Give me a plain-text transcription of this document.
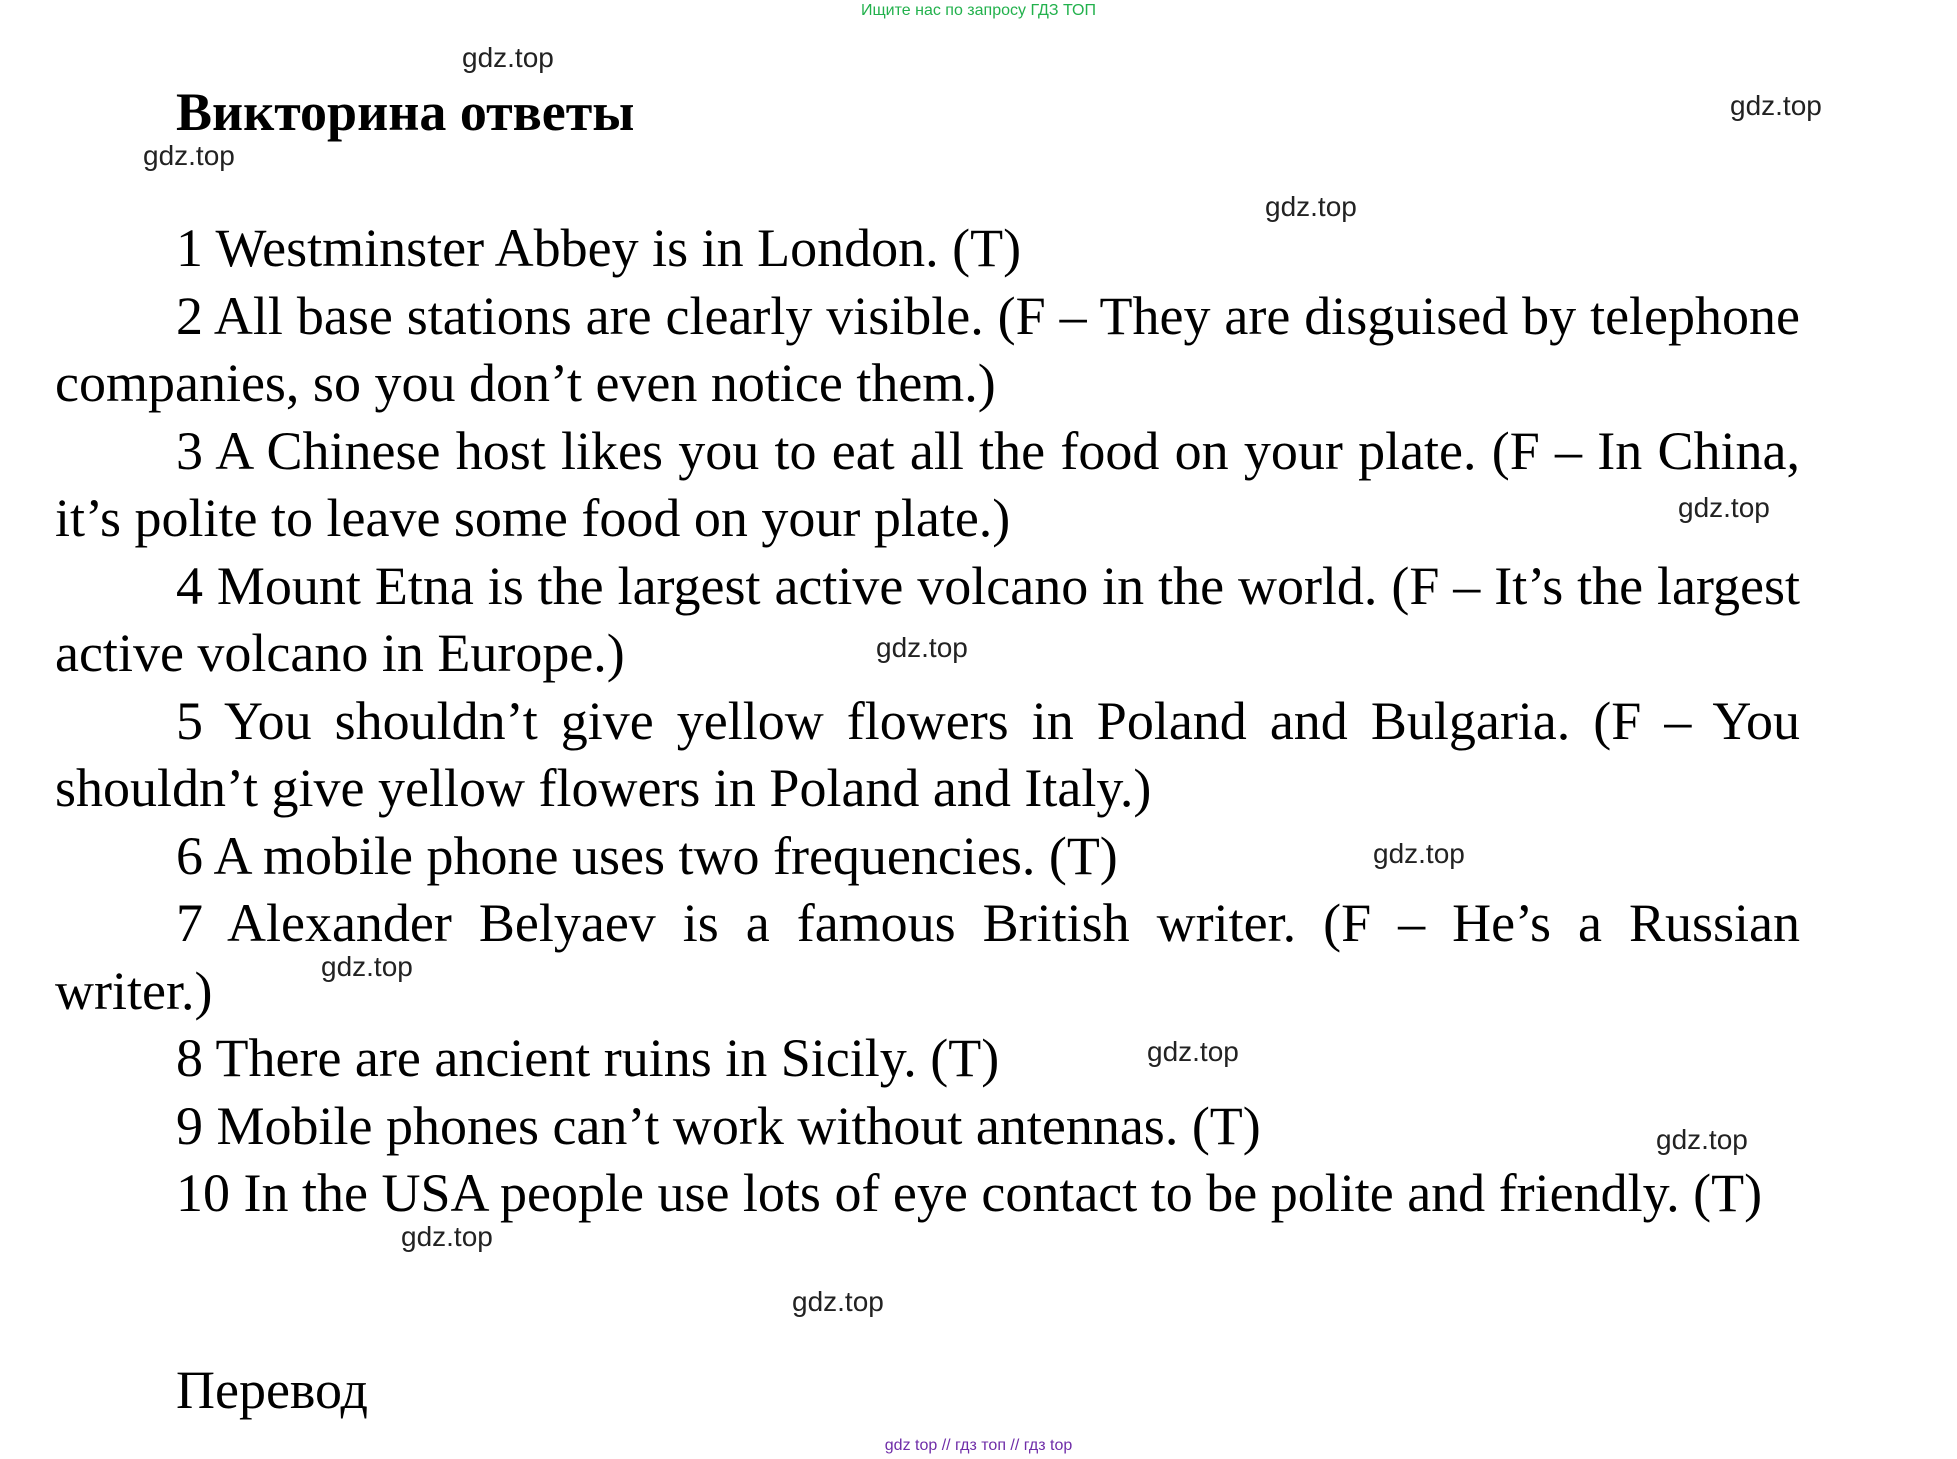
Ищите нас по запросу ГДЗ ТОП
Викторина ответы

1 Westminster Abbey is in London. (T)

2 All base stations are clearly visible. (F – They are disguised by telephone companies, so you don’t even notice them.)

3 A Chinese host likes you to eat all the food on your plate. (F – In China, it’s polite to leave some food on your plate.)

4 Mount Etna is the largest active volcano in the world. (F – It’s the largest active volcano in Europe.)

5 You shouldn’t give yellow flowers in Poland and Bulgaria. (F – You shouldn’t give yellow flowers in Poland and Italy.)

6 A mobile phone uses two frequencies. (T)

7 Alexander Belyaev is a famous British writer. (F – He’s a Russian writer.)

8 There are ancient ruins in Sicily. (T)

9 Mobile phones can’t work without antennas. (T)

10 In the USA people use lots of eye contact to be polite and friendly. (T)

Перевод
gdz.top
gdz.top
gdz.top
gdz.top
gdz.top
gdz.top
gdz.top
gdz.top
gdz.top
gdz.top
gdz.top
gdz.top
gdz top // гдз топ // гдз top
